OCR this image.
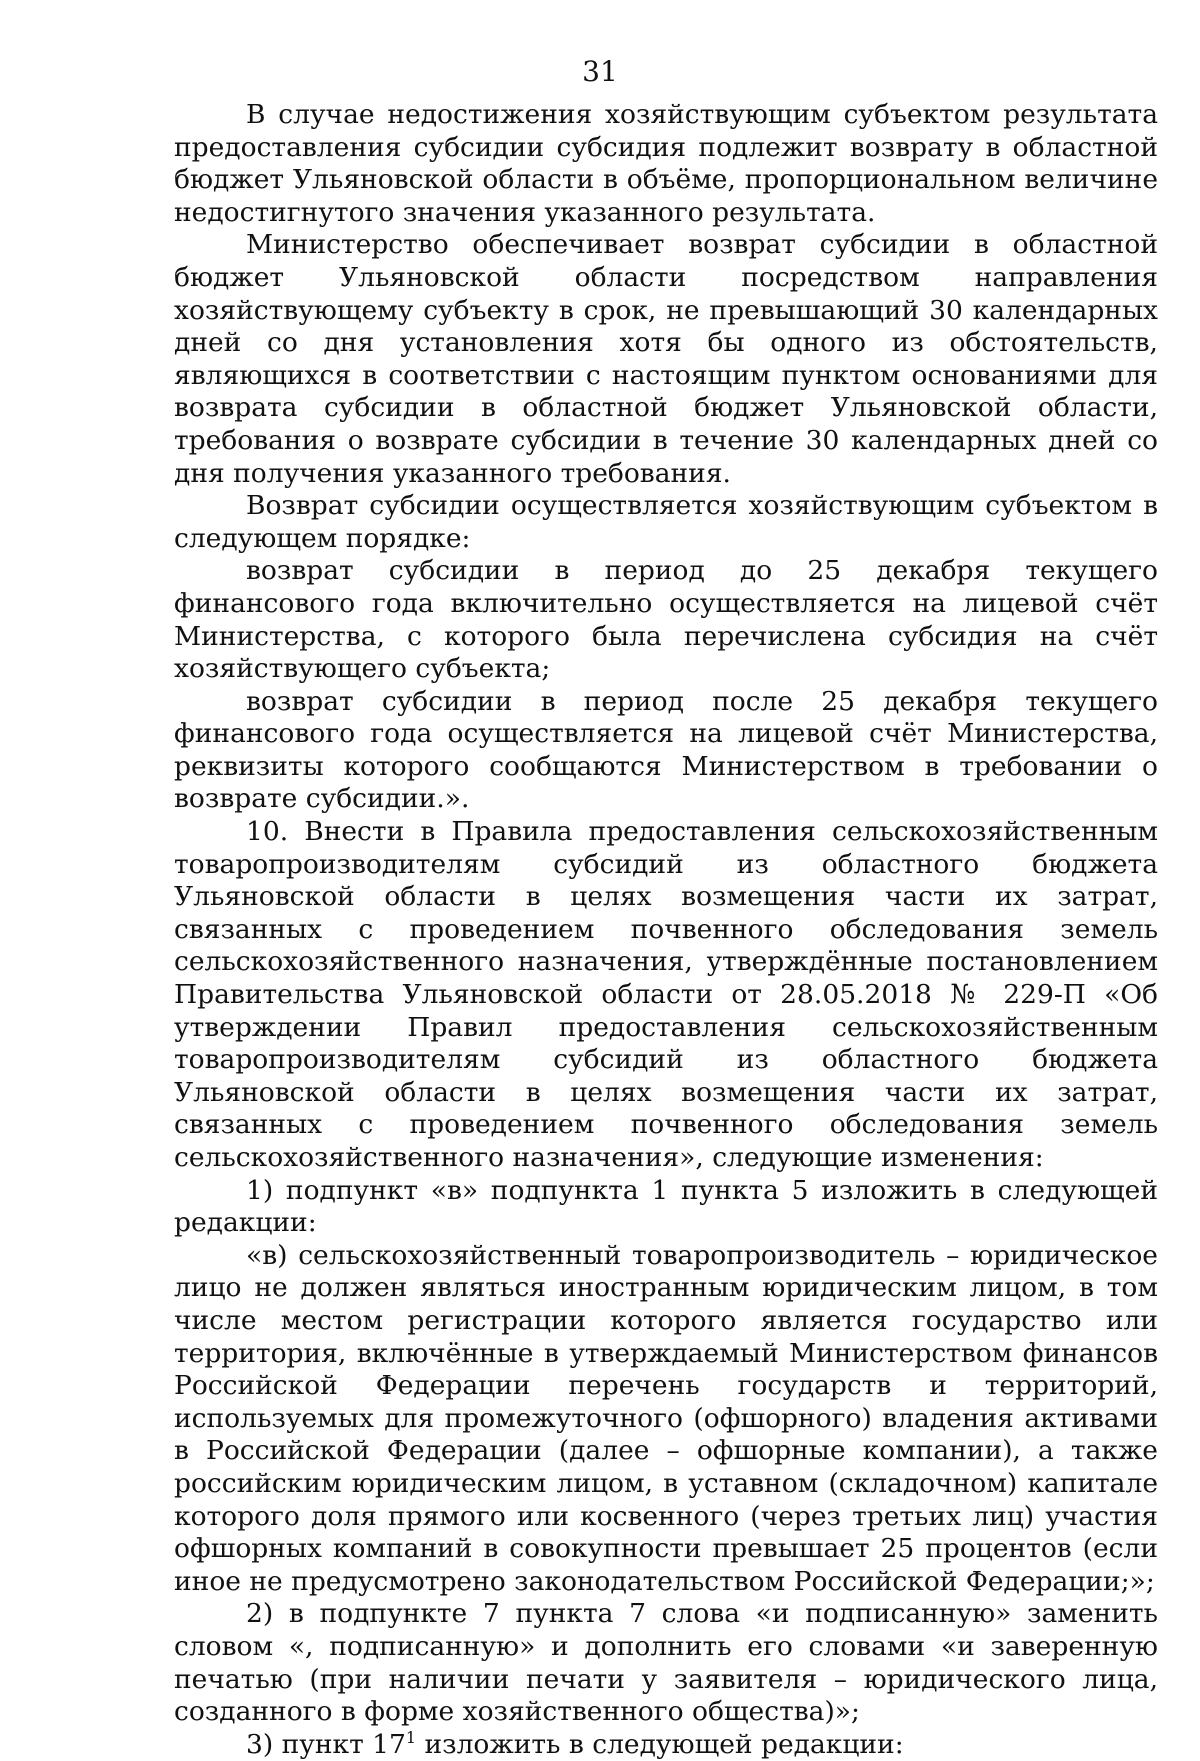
31

В случае недостижения хозяйствующим субъектом результата предоставления субсидии субсидия подлежит возврату в областной бюджет Ульяновской области в объёме, пропорциональном величине недостигнутого значения указанного результата.

Министерство обеспечивает возврат субсидии в областной бюджет Ульяновской области посредством направления хозяйствующему субъекту в срок, не превышающий 30 календарных дней со дня установления хотя бы одного из обстоятельств, являющихся в соответствии с настоящим пунктом основаниями для возврата субсидии в областной бюджет Ульяновской области, требования о возврате субсидии в течение 30 календарных дней со дня получения указанного требования.

Возврат субсидии осуществляется хозяйствующим субъектом в следующем порядке:

возврат субсидии в период до 25 декабря текущего финансового года включительно осуществляется на лицевой счёт Министерства, с которого была перечислена субсидия на счёт хозяйствующего субъекта;

возврат субсидии в период после 25 декабря текущего финансового года осуществляется на лицевой счёт Министерства, реквизиты которого сообщаются Министерством в требовании о возврате субсидии.».

10. Внести в Правила предоставления сельскохозяйственным товаропроизводителям субсидий из областного бюджета Ульяновской области в целях возмещения части их затрат, связанных с проведением почвенного обследования земель сельскохозяйственного назначения, утверждённые постановлением Правительства Ульяновской области от 28.05.2018 № 229-П «Об утверждении Правил предоставления сельскохозяйственным товаропроизводителям субсидий из областного бюджета Ульяновской области в целях возмещения части их затрат, связанных с проведением почвенного обследования земель сельскохозяйственного назначения», следующие изменения:

1) подпункт «в» подпункта 1 пункта 5 изложить в следующей редакции:

«в) сельскохозяйственный товаропроизводитель – юридическое лицо не должен являться иностранным юридическим лицом, в том числе местом регистрации которого является государство или территория, включённые в утверждаемый Министерством финансов Российской Федерации перечень государств и территорий, используемых для промежуточного (офшорного) владения активами в Российской Федерации (далее – офшорные компании), а также российским юридическим лицом, в уставном (складочном) капитале которого доля прямого или косвенного (через третьих лиц) участия офшорных компаний в совокупности превышает 25 процентов (если иное не предусмотрено законодательством Российской Федерации;»;

2) в подпункте 7 пункта 7 слова «и подписанную» заменить словом «, подписанную» и дополнить его словами «и заверенную печатью (при наличии печати у заявителя – юридического лица, созданного в форме хозяйственного общества)»;

3) пункт $17^1$ изложить в следующей редакции:
